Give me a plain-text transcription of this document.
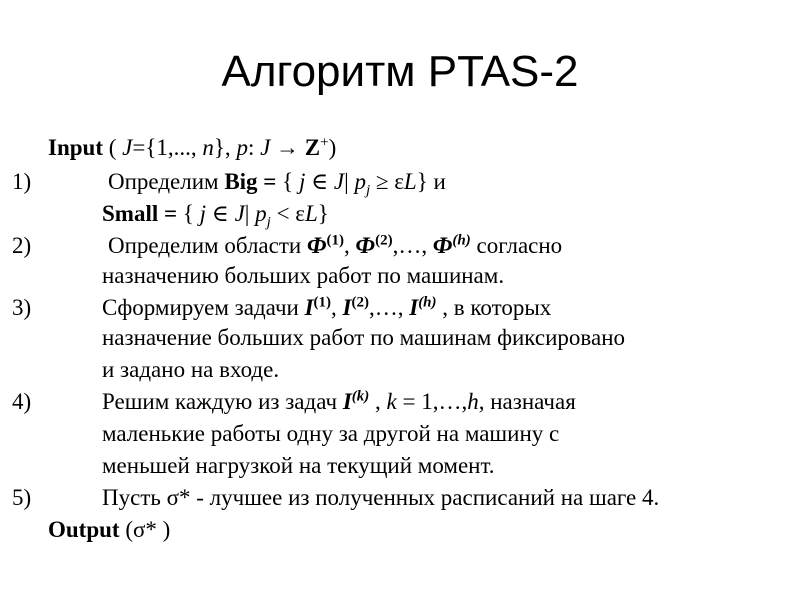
Алгоритм PTAS-2
Input ( J={1,..., n}, p: J → Z+)
1)	Определим Big = { j ∈ J| $p_j \ge \varepsilon L$} и
Small = { j ∈ J| $p_j < \varepsilon L$}
2)	Определим области $Ф^{(1)}$, $Ф^{(2)},\dots$, $Ф^{(h)}$ согласно
назначению больших работ по машинам.
3)	Сформируем задачи $I^{(1)}$, $I^{(2)},\dots$, $I^{(h)}$ , в которых
назначение больших работ по машинам фиксировано
и задано на входе.
4)	Решим каждую из задач $I^{(k)}$ , k = 1,…,h, назначая
маленькие работы одну за другой на машину с
меньшей нагрузкой на текущий момент.
5)	Пусть σ* - лучшее из полученных расписаний на шаге 4.
Output (σ* )
